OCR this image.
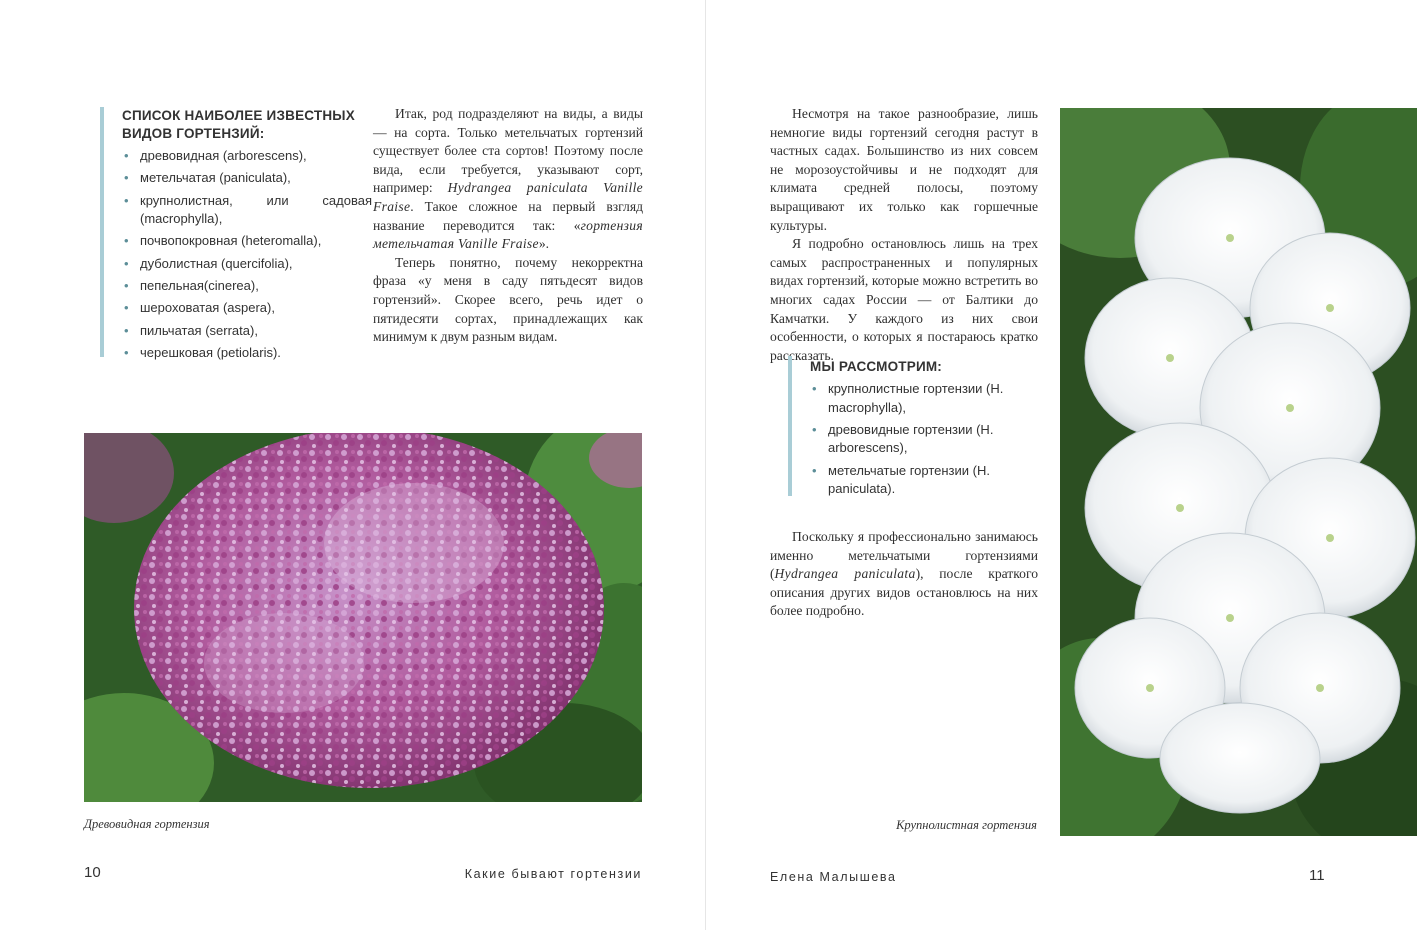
СПИСОК НАИБОЛЕЕ ИЗВЕСТНЫХ ВИДОВ ГОРТЕНЗИЙ:
• древовидная (arborescens),
• метельчатая (paniculata),
• крупнолистная, или садовая (macrophylla),
• почвопокровная (heteromalla),
• дуболистная (quercifolia),
• пепельная(cinerea),
• шероховатая (aspera),
• пильчатая (serrata),
• черешковая (petiolaris).

Итак, род подразделяют на виды, а виды — на сорта. Только метельчатых гортензий существует более ста сортов! Поэтому после вида, если требуется, указывают сорт, например: Hydrangea paniculata Vanille Fraise. Такое сложное на первый взгляд название переводится так: «гортензия метельчатая Vanille Fraise».

Теперь понятно, почему некорректна фраза «у меня в саду пятьдесят видов гортензий». Скорее всего, речь идет о пятидесяти сортах, принадлежащих как минимум к двум разным видам.

Древовидная гортензия
10	Какие бывают гортензии

Несмотря на такое разнообразие, лишь немногие виды гортензий сегодня растут в частных садах. Большинство из них совсем не морозоустойчивы и не подходят для климата средней полосы, поэтому выращивают их только как горшечные культуры.

Я подробно остановлюсь лишь на трех самых распространенных и популярных видах гортензий, которые можно встретить во многих садах России — от Балтики до Камчатки. У каждого из них свои особенности, о которых я постараюсь кратко рассказать.

МЫ РАССМОТРИМ:
• крупнолистные гортензии (H. macrophylla),
• древовидные гортензии (H. arborescens),
• метельчатые гортензии (H. paniculata).

Поскольку я профессионально занимаюсь именно метельчатыми гортензиями (Hydrangea paniculata), после краткого описания других видов остановлюсь на них более подробно.

Крупнолистная гортензия
Елена Малышева	11
